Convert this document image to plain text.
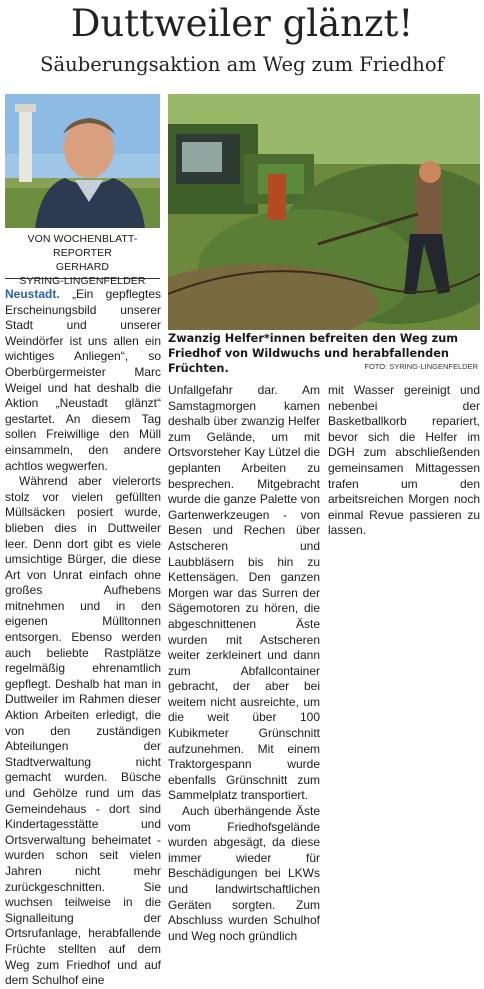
Duttweiler glänzt!
Säuberungsaktion am Weg zum Friedhof
VON WOCHENBLATT-REPORTER
GERHARD
SYRING-LINGENFELDER
Zwanzig Helfer*innen befreiten den Weg zum Friedhof von Wildwuchs und herabfallenden Früchten.	FOTO: SYRING-LINGENFELDER

Neustadt. „Ein gepflegtes Erscheinungsbild unserer Stadt und unserer Weindörfer ist uns allen ein wichtiges Anliegen“, so Oberbürgermeister Marc Weigel und hat deshalb die Aktion „Neustadt glänzt“ gestartet. An diesem Tag sollen Freiwillige den Müll einsammeln, den andere achtlos wegwerfen.

Während aber vielerorts stolz vor vielen gefüllten Müllsäcken posiert wurde, blieben dies in Duttweiler leer. Denn dort gibt es viele umsichtige Bürger, die diese Art von Unrat einfach ohne großes Aufhebens mitnehmen und in den eigenen Mülltonnen entsorgen. Ebenso werden auch beliebte Rastplätze regelmäßig ehrenamtlich gepflegt. Deshalb hat man in Duttweiler im Rahmen dieser Aktion Arbeiten erledigt, die von den zuständigen Abteilungen der Stadtverwaltung nicht gemacht wurden. Büsche und Gehölze rund um das Gemeindehaus - dort sind Kindertagesstätte und Ortsverwaltung beheimatet - wurden schon seit vielen Jahren nicht mehr zurückgeschnitten. Sie wuchsen teilweise in die Signalleitung der Ortsrufanlage, herabfallende Früchte stellten auf dem Weg zum Friedhof und auf dem Schulhof eine

Unfallgefahr dar. Am Samstagmorgen kamen deshalb über zwanzig Helfer zum Gelände, um mit Ortsvorsteher Kay Lützel die geplanten Arbeiten zu besprechen. Mitgebracht wurde die ganze Palette von Gartenwerkzeugen - von Besen und Rechen über Astscheren und Laubbläsern bis hin zu Kettensägen. Den ganzen Morgen war das Surren der Sägemotoren zu hören, die abgeschnittenen Äste wurden mit Astscheren weiter zerkleinert und dann zum Abfallcontainer gebracht, der aber bei weitem nicht ausreichte, um die weit über 100 Kubikmeter Grünschnitt aufzunehmen. Mit einem Traktorgespann wurde ebenfalls Grünschnitt zum Sammelplatz transportiert.

Auch überhängende Äste vom Friedhofsgelände wurden abgesägt, da diese immer wieder für Beschädigungen bei LKWs und landwirtschaftlichen Geräten sorgten. Zum Abschluss wurden Schulhof und Weg noch gründlich

mit Wasser gereinigt und nebenbei der Basketballkorb repariert, bevor sich die Helfer im DGH zum abschließenden gemeinsamen Mittagessen trafen um den arbeitsreichen Morgen noch einmal Revue passieren zu lassen.
